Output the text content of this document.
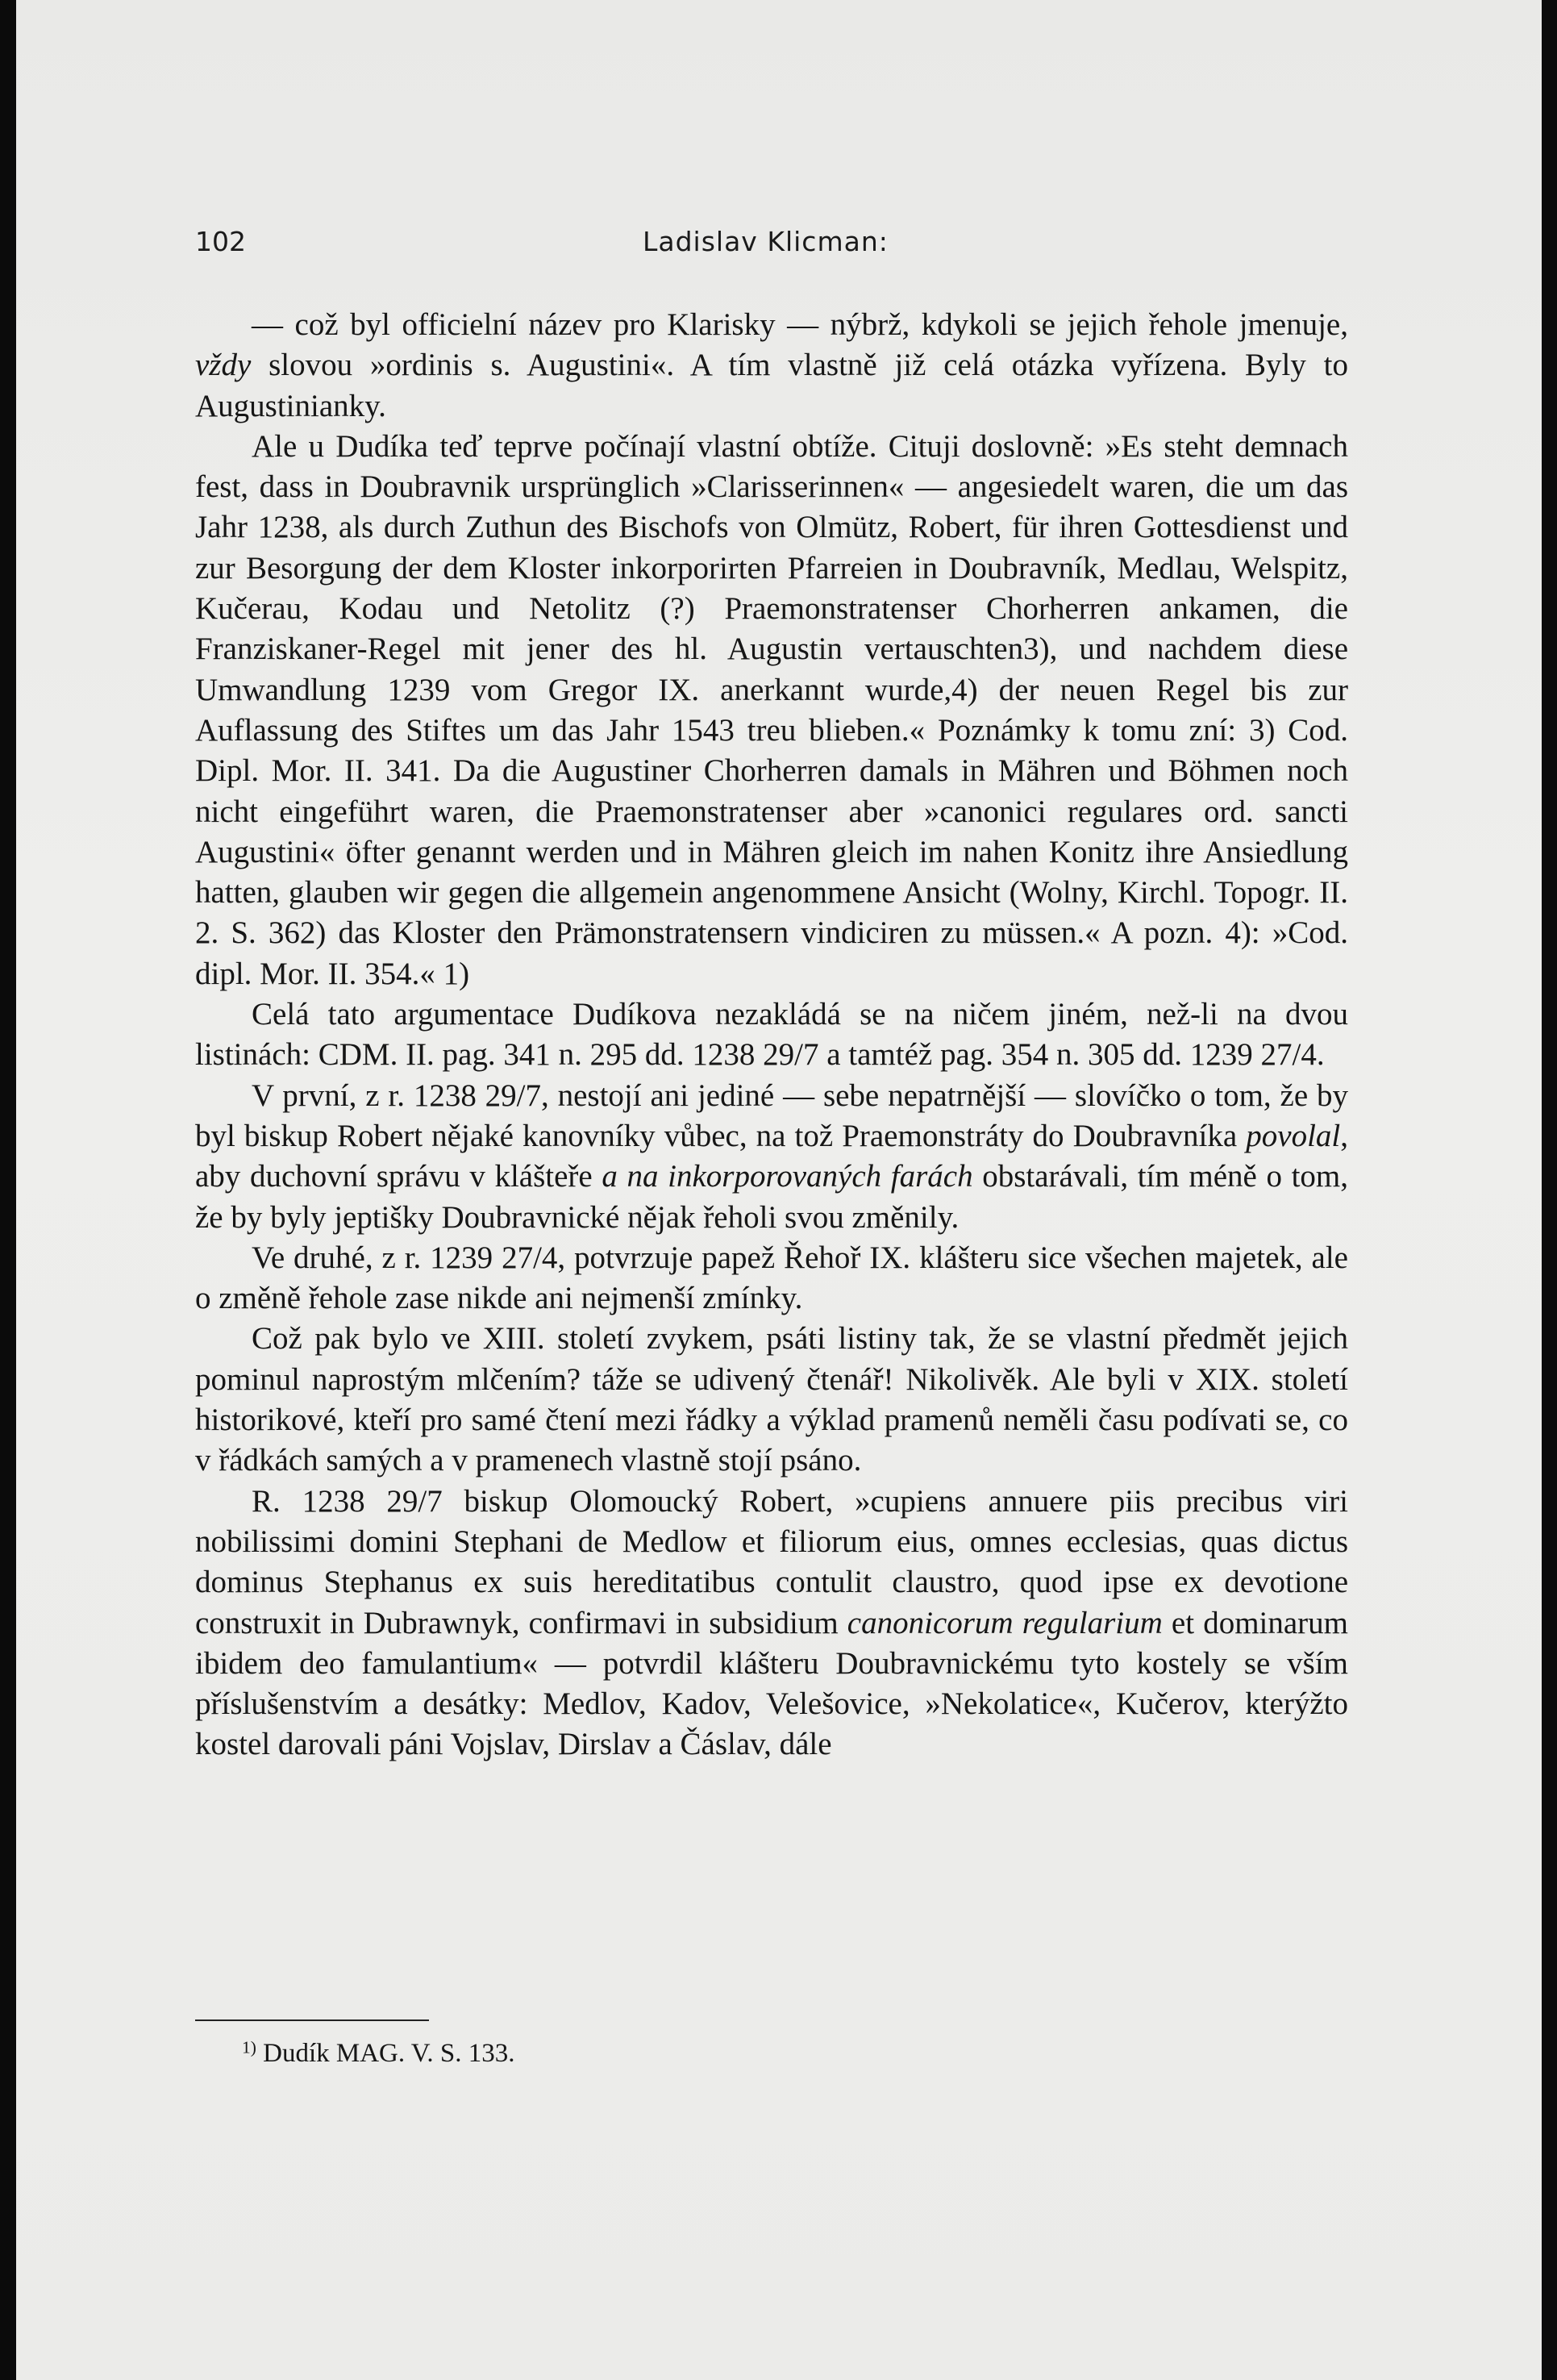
102	Ladislav Klicman:

— což byl officielní název pro Klarisky — nýbrž, kdykoli se jejich řehole jmenuje, vždy slovou »ordinis s. Augustini«. A tím vlastně již celá otázka vyřízena. Byly to Augustinianky.

Ale u Dudíka teď teprve počínají vlastní obtíže. Cituji doslovně: »Es steht demnach fest, dass in Doubravnik ursprünglich »Clarisserinnen« — angesiedelt waren, die um das Jahr 1238, als durch Zuthun des Bischofs von Olmütz, Robert, für ihren Gottesdienst und zur Besorgung der dem Kloster inkorporirten Pfarreien in Doubravník, Medlau, Welspitz, Kučerau, Kodau und Netolitz (?) Praemonstratenser Chorherren ankamen, die Franziskaner-Regel mit jener des hl. Augustin vertauschten3), und nachdem diese Umwandlung 1239 vom Gregor IX. anerkannt wurde,4) der neuen Regel bis zur Auflassung des Stiftes um das Jahr 1543 treu blieben.« Poznámky k tomu zní: 3) Cod. Dipl. Mor. II. 341. Da die Augustiner Chorherren damals in Mähren und Böhmen noch nicht eingeführt waren, die Praemonstratenser aber »canonici regulares ord. sancti Augustini« öfter genannt werden und in Mähren gleich im nahen Konitz ihre Ansiedlung hatten, glauben wir gegen die allgemein angenommene Ansicht (Wolny, Kirchl. Topogr. II. 2. S. 362) das Kloster den Prämonstratensern vindiciren zu müssen.« A pozn. 4): »Cod. dipl. Mor. II. 354.« 1)

Celá tato argumentace Dudíkova nezakládá se na ničem jiném, než-li na dvou listinách: CDM. II. pag. 341 n. 295 dd. 1238 29/7 a tamtéž pag. 354 n. 305 dd. 1239 27/4.

V první, z r. 1238 29/7, nestojí ani jediné — sebe nepatrnější — slovíčko o tom, že by byl biskup Robert nějaké kanovníky vůbec, na tož Praemonstráty do Doubravníka povolal, aby duchovní správu v klášteře a na inkorporovaných farách obstarávali, tím méně o tom, že by byly jeptišky Doubravnické nějak řeholi svou změnily.

Ve druhé, z r. 1239 27/4, potvrzuje papež Řehoř IX. klášteru sice všechen majetek, ale o změně řehole zase nikde ani nejmenší zmínky.

Což pak bylo ve XIII. století zvykem, psáti listiny tak, že se vlastní předmět jejich pominul naprostým mlčením? táže se udivený čtenář! Nikolivěk. Ale byli v XIX. století historikové, kteří pro samé čtení mezi řádky a výklad pramenů neměli času podívati se, co v řádkách samých a v pramenech vlastně stojí psáno.

R. 1238 29/7 biskup Olomoucký Robert, »cupiens annuere piis precibus viri nobilissimi domini Stephani de Medlow et filiorum eius, omnes ecclesias, quas dictus dominus Stephanus ex suis hereditatibus contulit claustro, quod ipse ex devotione construxit in Dubrawnyk, confirmavi in subsidium canonicorum regularium et dominarum ibidem deo famulantium« — potvrdil klášteru Doubravnickému tyto kostely se vším příslušenstvím a desátky: Medlov, Kadov, Velešovice, »Nekolatice«, Kučerov, kterýžto kostel darovali páni Vojslav, Dirslav a Čáslav, dále

$^{1)}$ Dudík MAG. V. S. 133.
